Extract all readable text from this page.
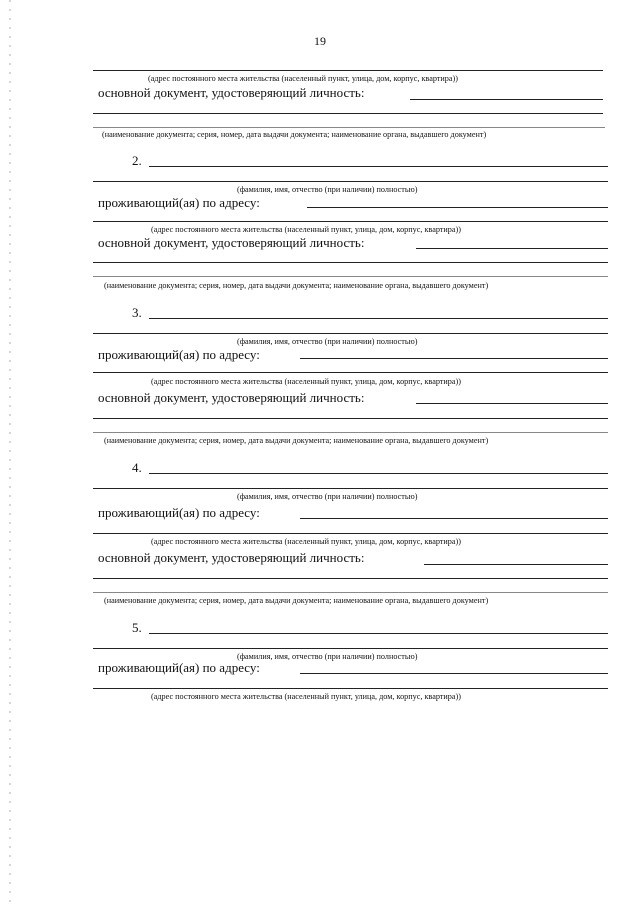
19
(адрес постоянного места жительства (населенный пункт, улица, дом, корпус, квартира))
основной документ, удостоверяющий личность:
(наименование документа; серия, номер, дата выдачи документа; наименование органа, выдавшего документ)
2.
(фамилия, имя, отчество (при наличии) полностью)
проживающий(ая) по адресу:
(адрес постоянного места жительства (населенный пункт, улица, дом, корпус, квартира))
основной документ, удостоверяющий личность:
(наименование документа; серия, номер, дата выдачи документа; наименование органа, выдавшего документ)
3.
(фамилия, имя, отчество (при наличии) полностью)
проживающий(ая) по адресу:
(адрес постоянного места жительства (населенный пункт, улица, дом, корпус, квартира))
основной документ, удостоверяющий личность:
(наименование документа; серия, номер, дата выдачи документа; наименование органа, выдавшего документ)
4.
(фамилия, имя, отчество (при наличии) полностью)
проживающий(ая) по адресу:
(адрес постоянного места жительства (населенный пункт, улица, дом, корпус, квартира))
основной документ, удостоверяющий личность:
(наименование документа; серия, номер, дата выдачи документа; наименование органа, выдавшего документ)
5.
(фамилия, имя, отчество (при наличии) полностью)
проживающий(ая) по адресу:
(адрес постоянного места жительства (населенный пункт, улица, дом, корпус, квартира))
